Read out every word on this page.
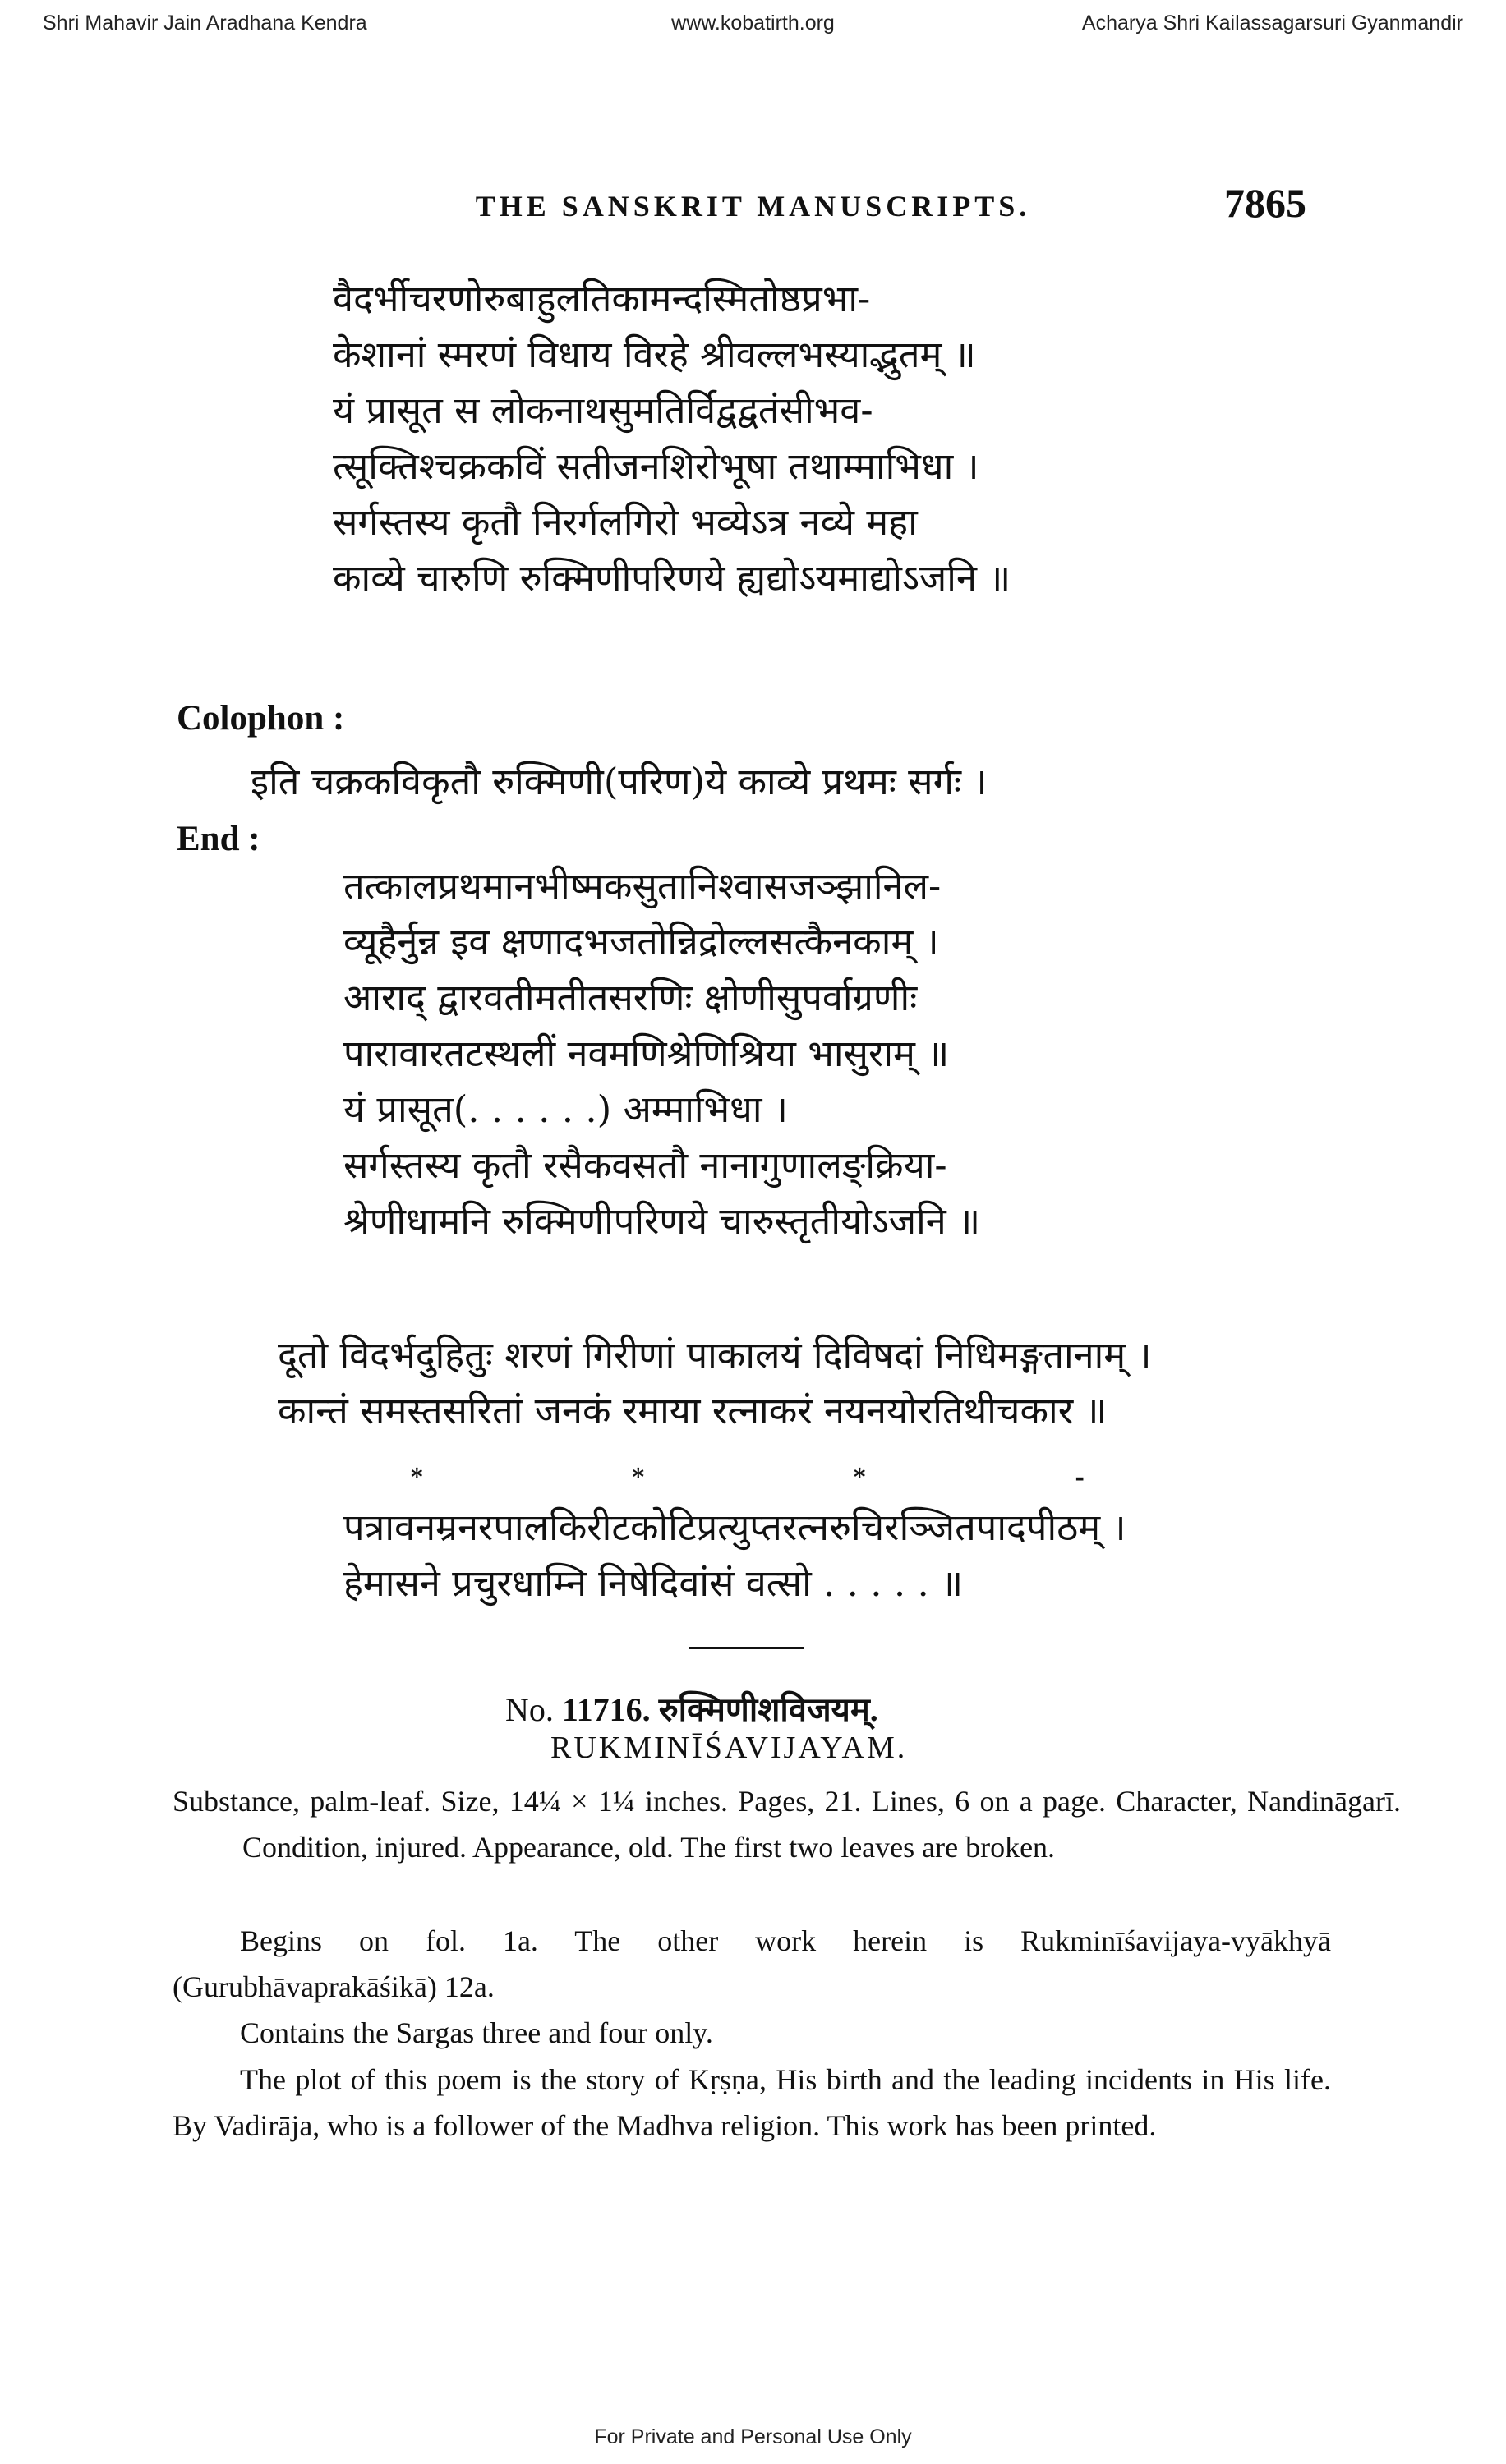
Shri Mahavir Jain Aradhana Kendra	www.kobatirth.org	Acharya Shri Kailassagarsuri Gyanmandir
THE SANSKRIT MANUSCRIPTS.	7865
वैदर्भीचरणोरुबाहुलतिकामन्दस्मितोष्ठप्रभा-
केशानां स्मरणं विधाय विरहे श्रीवल्लभस्याद्भुतम् ॥
यं प्रासूत स लोकनाथसुमतिर्विद्वद्वतंसीभव-
त्सूक्तिश्चक्रकविं सतीजनशिरोभूषा तथाम्माभिधा ।
सर्गस्तस्य कृतौ निरर्गलगिरो भव्येऽत्र नव्ये महा
काव्ये चारुणि रुक्मिणीपरिणये ह्यद्योऽयमाद्योऽजनि ॥
Colophon :
इति चक्रकविकृतौ रुक्मिणी(परिण)ये काव्ये प्रथमः सर्गः ।
End :
तत्कालप्रथमानभीष्मकसुतानिश्वासजञ्झानिल-
व्यूहैर्नुन्न इव क्षणादभजतोन्निद्रोल्लसत्कैनकाम् ।
आराद् द्वारवतीमतीतसरणिः क्षोणीसुपर्वाग्रणीः
पारावारतटस्थलीं नवमणिश्रेणिश्रिया भासुराम् ॥
यं प्रासूत(. . . . . .) अम्माभिधा ।
सर्गस्तस्य कृतौ रसैकवसतौ नानागुणालङ्क्रिया-
श्रेणीधामनि रुक्मिणीपरिणये चारुस्तृतीयोऽजनि ॥
दूतो विदर्भदुहितुः शरणं गिरीणां पाकालयं दिविषदां निधिमङ्गतानाम् ।
कान्तं समस्तसरितां जनकं रमाया रत्नाकरं नयनयोरतिथीचकार ॥
*	*	*	-
पत्रावनम्रनरपालकिरीटकोटिप्रत्युप्तरत्नरुचिरञ्जितपादपीठम् ।
हेमासने प्रचुरधाम्नि निषेदिवांसं वत्सो . . . . . ॥
No. 11716. रुक्मिणीशविजयम्.
RUKMINĪŚAVIJAYAM.
Substance, palm-leaf. Size, 14¼ × 1¼ inches. Pages, 21. Lines, 6 on a page. Character, Nandināgarī. Condition, injured. Appearance, old. The first two leaves are broken.
Begins on fol. 1a. The other work herein is Rukminīśavijaya-vyākhyā (Gurubhāvaprakāśikā) 12a.
Contains the Sargas three and four only.
The plot of this poem is the story of Kṛṣṇa, His birth and the leading incidents in His life. By Vadirāja, who is a follower of the Madhva religion. This work has been printed.
For Private and Personal Use Only
